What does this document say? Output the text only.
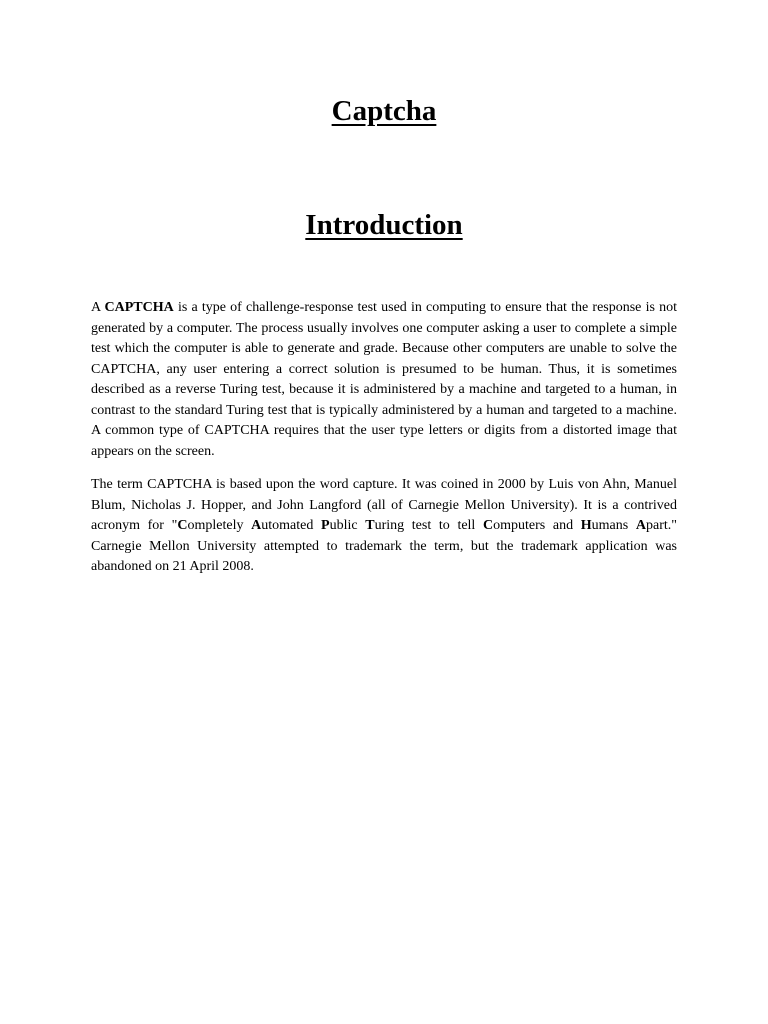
Captcha
Introduction

A CAPTCHA is a type of challenge-response test used in computing to ensure that the response is not generated by a computer. The process usually involves one computer asking a user to complete a simple test which the computer is able to generate and grade. Because other computers are unable to solve the CAPTCHA, any user entering a correct solution is presumed to be human. Thus, it is sometimes described as a reverse Turing test, because it is administered by a machine and targeted to a human, in contrast to the standard Turing test that is typically administered by a human and targeted to a machine. A common type of CAPTCHA requires that the user type letters or digits from a distorted image that appears on the screen.

The term CAPTCHA is based upon the word capture. It was coined in 2000 by Luis von Ahn, Manuel Blum, Nicholas J. Hopper, and John Langford (all of Carnegie Mellon University). It is a contrived acronym for "Completely Automated Public Turing test to tell Computers and Humans Apart." Carnegie Mellon University attempted to trademark the term, but the trademark application was abandoned on 21 April 2008.
